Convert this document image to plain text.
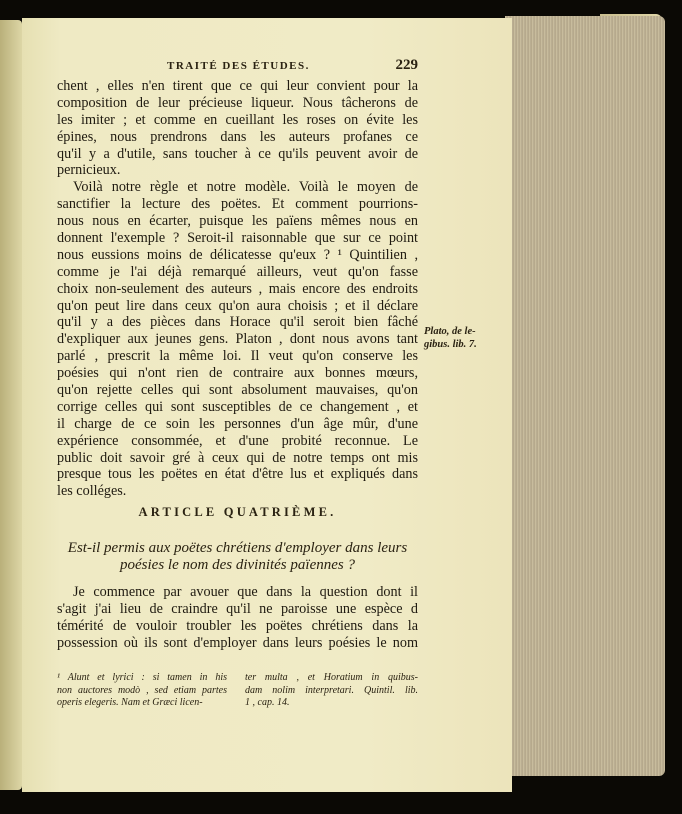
TRAITÉ DES ÉTUDES.	229
chent , elles n'en tirent que ce qui leur convient pour la
composition de leur précieuse liqueur. Nous tâcherons de
les imiter ; et comme en cueillant les roses on évite les
épines, nous prendrons dans les auteurs profanes ce
qu'il y a d'utile, sans toucher à ce qu'ils peuvent avoir de
pernicieux.
Voilà notre règle et notre modèle. Voilà le moyen de
sanctifier la lecture des poëtes. Et comment pourrions-
nous nous en écarter, puisque les païens mêmes nous en
donnent l'exemple ? Seroit-il raisonnable que sur ce point
nous eussions moins de délicatesse qu'eux ? ¹ Quintilien ,
comme je l'ai déjà remarqué ailleurs, veut qu'on fasse
choix non-seulement des auteurs , mais encore des endroits
qu'on peut lire dans ceux qu'on aura choisis ; et il déclare
qu'il y a des pièces dans Horace qu'il seroit bien fâché
d'expliquer aux jeunes gens. Platon , dont nous avons tant
parlé , prescrit la même loi. Il veut qu'on conserve les
poésies qui n'ont rien de contraire aux bonnes mœurs,
qu'on rejette celles qui sont absolument mauvaises, qu'on
corrige celles qui sont susceptibles de ce changement , et
il charge de ce soin les personnes d'un âge mûr, d'une
expérience consommée, et d'une probité reconnue. Le
public doit savoir gré à ceux qui de notre temps ont mis
presque tous les poëtes en état d'être lus et expliqués dans
les colléges.
Plato, de le-
gibus. lib. 7.
ARTICLE QUATRIÈME.
Est-il permis aux poëtes chrétiens d'employer dans leurs
poésies le nom des divinités païennes ?
Je commence par avouer que dans la question dont il
s'agit j'ai lieu de craindre qu'il ne paroisse une espèce d
témérité de vouloir troubler les poëtes chrétiens dans la
possession où ils sont d'employer dans leurs poésies le nom
¹ Alunt et lyrici : si tamen in his
non auctores modò , sed etiam partes
operis elegeris. Nam et Græci licen-
ter multa , et Horatium in quibus-
dam nolim interpretari. Quintil. lib.
1 , cap. 14.
